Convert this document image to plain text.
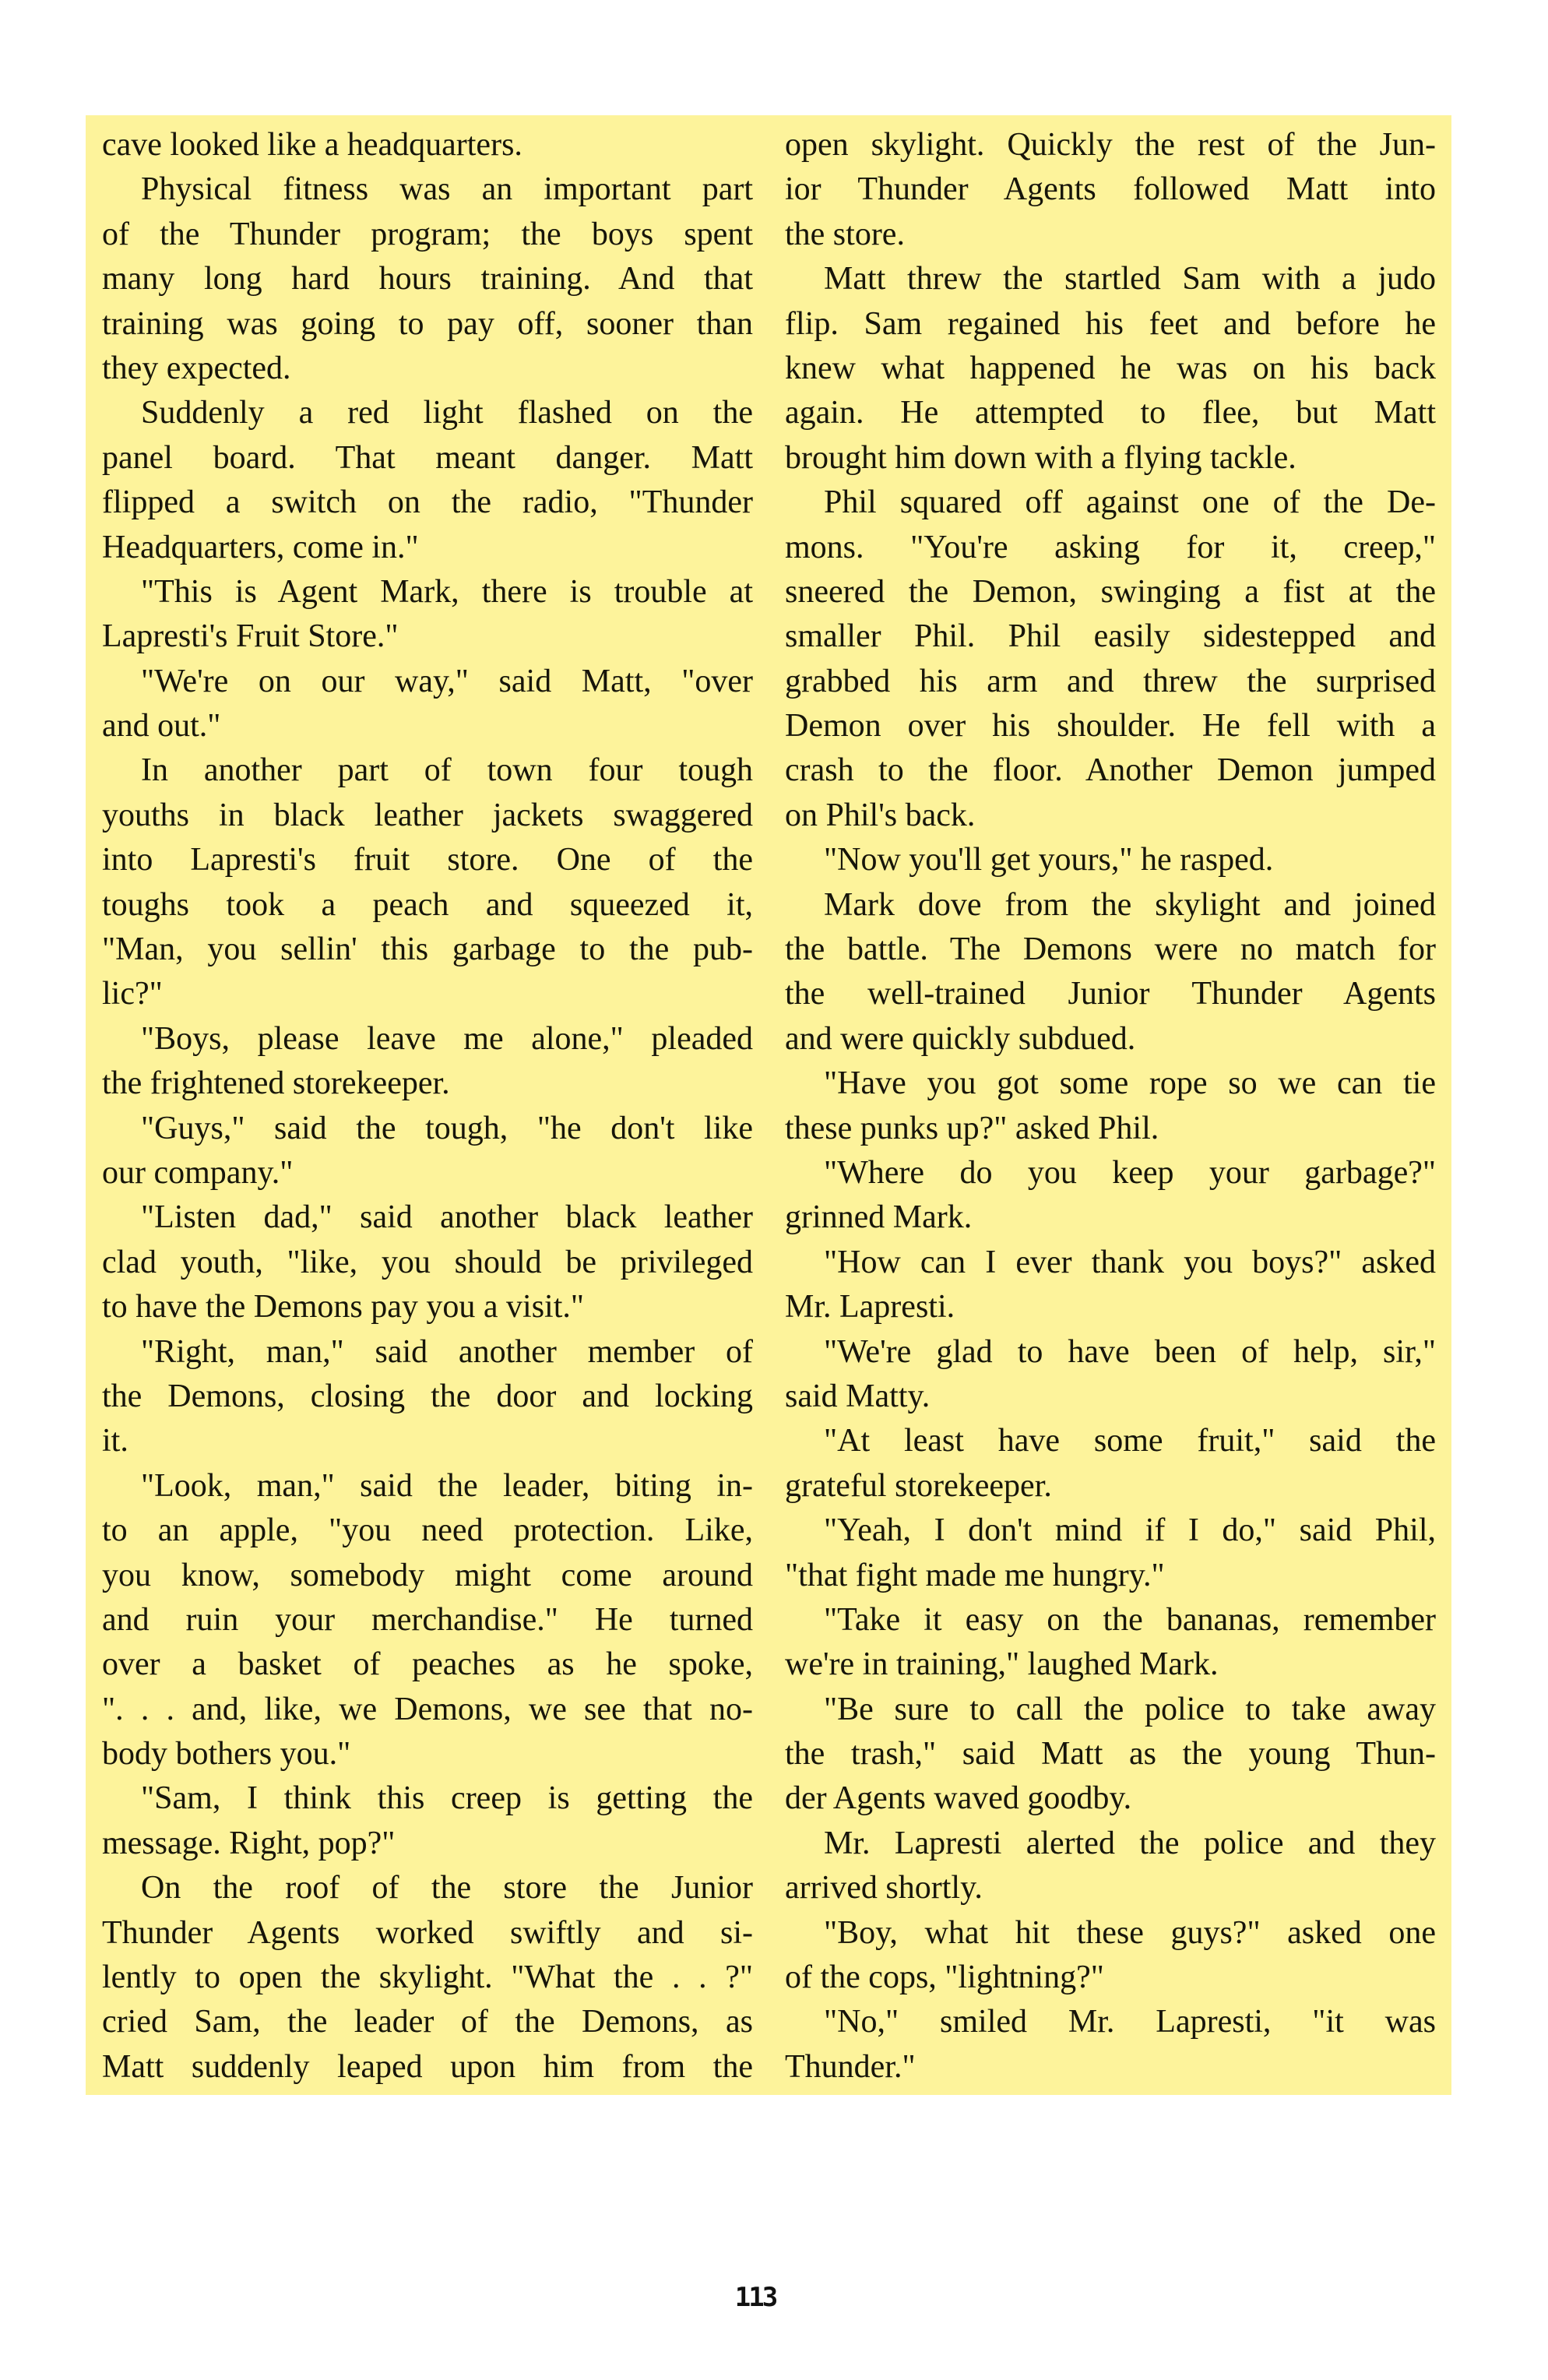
cave looked like a headquarters.
Physical fitness was an important part
of the Thunder program; the boys spent
many long hard hours training. And that
training was going to pay off, sooner than
they expected.
Suddenly a red light flashed on the
panel board. That meant danger. Matt
flipped a switch on the radio, "Thunder
Headquarters, come in."
"This is Agent Mark, there is trouble at
Lapresti's Fruit Store."
"We're on our way," said Matt, "over
and out."
In another part of town four tough
youths in black leather jackets swaggered
into Lapresti's fruit store. One of the
toughs took a peach and squeezed it,
"Man, you sellin' this garbage to the pub-
lic?"
"Boys, please leave me alone," pleaded
the frightened storekeeper.
"Guys," said the tough, "he don't like
our company."
"Listen dad," said another black leather
clad youth, "like, you should be privileged
to have the Demons pay you a visit."
"Right, man," said another member of
the Demons, closing the door and locking
it.
"Look, man," said the leader, biting in-
to an apple, "you need protection. Like,
you know, somebody might come around
and ruin your merchandise." He turned
over a basket of peaches as he spoke,
". . . and, like, we Demons, we see that no-
body bothers you."
"Sam, I think this creep is getting the
message. Right, pop?"
On the roof of the store the Junior
Thunder Agents worked swiftly and si-
lently to open the skylight. "What the . . ?"
cried Sam, the leader of the Demons, as
Matt suddenly leaped upon him from the
open skylight. Quickly the rest of the Jun-
ior Thunder Agents followed Matt into
the store.
Matt threw the startled Sam with a judo
flip. Sam regained his feet and before he
knew what happened he was on his back
again. He attempted to flee, but Matt
brought him down with a flying tackle.
Phil squared off against one of the De-
mons. "You're asking for it, creep,"
sneered the Demon, swinging a fist at the
smaller Phil. Phil easily sidestepped and
grabbed his arm and threw the surprised
Demon over his shoulder. He fell with a
crash to the floor. Another Demon jumped
on Phil's back.
"Now you'll get yours," he rasped.
Mark dove from the skylight and joined
the battle. The Demons were no match for
the well-trained Junior Thunder Agents
and were quickly subdued.
"Have you got some rope so we can tie
these punks up?" asked Phil.
"Where do you keep your garbage?"
grinned Mark.
"How can I ever thank you boys?" asked
Mr. Lapresti.
"We're glad to have been of help, sir,"
said Matty.
"At least have some fruit," said the
grateful storekeeper.
"Yeah, I don't mind if I do," said Phil,
"that fight made me hungry."
"Take it easy on the bananas, remember
we're in training," laughed Mark.
"Be sure to call the police to take away
the trash," said Matt as the young Thun-
der Agents waved goodby.
Mr. Lapresti alerted the police and they
arrived shortly.
"Boy, what hit these guys?" asked one
of the cops, "lightning?"
"No," smiled Mr. Lapresti, "it was
Thunder."
113
